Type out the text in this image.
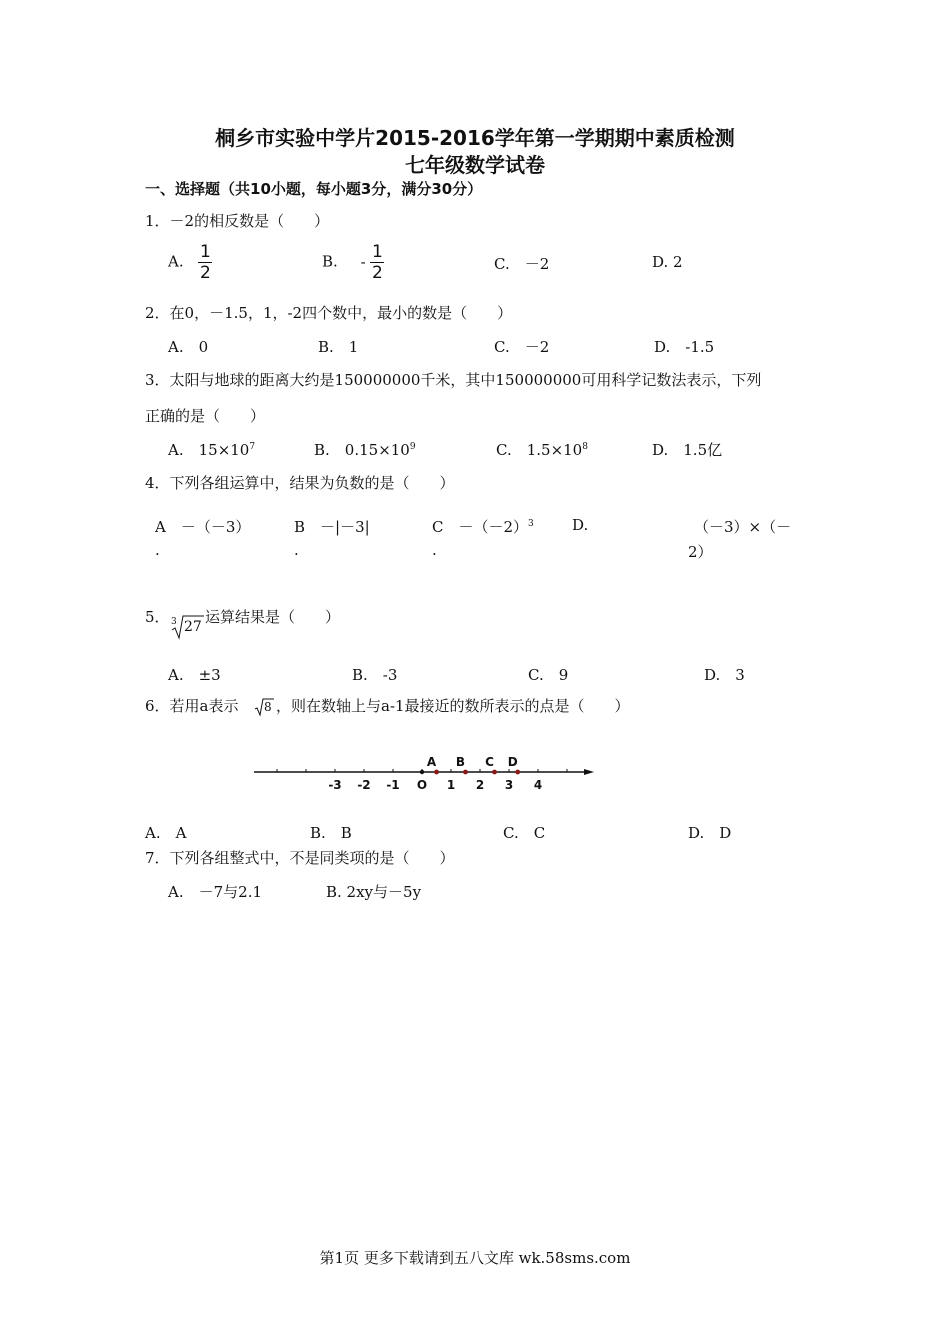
桐乡市实验中学片2015-2016学年第一学期期中素质检测
七年级数学试卷
一、选择题（共10小题，每小题3分，满分30分）
1．－2的相反数是（　　）
A. $\frac{1}{2}$	B. - $\frac{1}{2}$	C.　－2	D. 2
2．在0，－1.5，1，-2四个数中，最小的数是（　　）
A.　0	B.　1	C.　－2	D.　-1.5
3．太阳与地球的距离大约是150000000千米，其中150000000可用科学记数法表示，下列
正确的是（　　）
A.　$15\times 10^7$	B.　$0.15\times 10^9$	C.　$1.5\times 10^8$	D.　1.5亿
4．下列各组运算中，结果为负数的是（　　）
A　－（－3）
.
B　－|－3|
.
C　$-(-2)^3$
.
D.	（－3）×（－
2）
5． 3 27
运算结果是（　　）
A.　±3	B.　-3	C.　9	D.　3
6．若用a表示 8 ，则在数轴上与a-1最接近的数所表示的点是（　　）
-3 -2 -1 O 1 2 3 4
A B C D
A.　A	B.　B	C.　C	D.　D
7．下列各组整式中，不是同类项的是（　　）
A.　－7与2.1	B. 2xy与－5y
第1页 更多下载请到五八文库 wk.58sms.com
